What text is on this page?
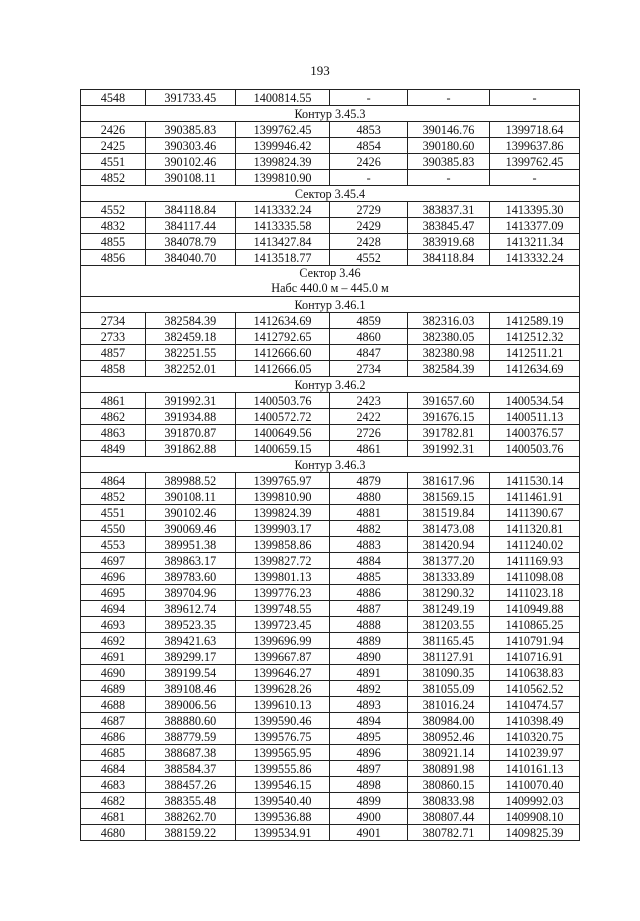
193
4548	391733.45	1400814.55	-	-	-
Контур 3.45.3					
2426	390385.83	1399762.45	4853	390146.76	1399718.64
2425	390303.46	1399946.42	4854	390180.60	1399637.86
4551	390102.46	1399824.39	2426	390385.83	1399762.45
4852	390108.11	1399810.90	-	-	-
Сектор 3.45.4					
4552	384118.84	1413332.24	2729	383837.31	1413395.30
4832	384117.44	1413335.58	2429	383845.47	1413377.09
4855	384078.79	1413427.84	2428	383919.68	1413211.34
4856	384040.70	1413518.77	4552	384118.84	1413332.24

Сектор 3.46
Набс 440.0 м – 445.0 м					

Контур 3.46.1					
2734	382584.39	1412634.69	4859	382316.03	1412589.19
2733	382459.18	1412792.65	4860	382380.05	1412512.32
4857	382251.55	1412666.60	4847	382380.98	1412511.21
4858	382252.01	1412666.05	2734	382584.39	1412634.69
Контур 3.46.2					
4861	391992.31	1400503.76	2423	391657.60	1400534.54
4862	391934.88	1400572.72	2422	391676.15	1400511.13
4863	391870.87	1400649.56	2726	391782.81	1400376.57
4849	391862.88	1400659.15	4861	391992.31	1400503.76
Контур 3.46.3					
4864	389988.52	1399765.97	4879	381617.96	1411530.14
4852	390108.11	1399810.90	4880	381569.15	1411461.91
4551	390102.46	1399824.39	4881	381519.84	1411390.67
4550	390069.46	1399903.17	4882	381473.08	1411320.81
4553	389951.38	1399858.86	4883	381420.94	1411240.02
4697	389863.17	1399827.72	4884	381377.20	1411169.93
4696	389783.60	1399801.13	4885	381333.89	1411098.08
4695	389704.96	1399776.23	4886	381290.32	1411023.18
4694	389612.74	1399748.55	4887	381249.19	1410949.88
4693	389523.35	1399723.45	4888	381203.55	1410865.25
4692	389421.63	1399696.99	4889	381165.45	1410791.94
4691	389299.17	1399667.87	4890	381127.91	1410716.91
4690	389199.54	1399646.27	4891	381090.35	1410638.83
4689	389108.46	1399628.26	4892	381055.09	1410562.52
4688	389006.56	1399610.13	4893	381016.24	1410474.57
4687	388880.60	1399590.46	4894	380984.00	1410398.49
4686	388779.59	1399576.75	4895	380952.46	1410320.75
4685	388687.38	1399565.95	4896	380921.14	1410239.97
4684	388584.37	1399555.86	4897	380891.98	1410161.13
4683	388457.26	1399546.15	4898	380860.15	1410070.40
4682	388355.48	1399540.40	4899	380833.98	1409992.03
4681	388262.70	1399536.88	4900	380807.44	1409908.10
4680	388159.22	1399534.91	4901	380782.71	1409825.39
